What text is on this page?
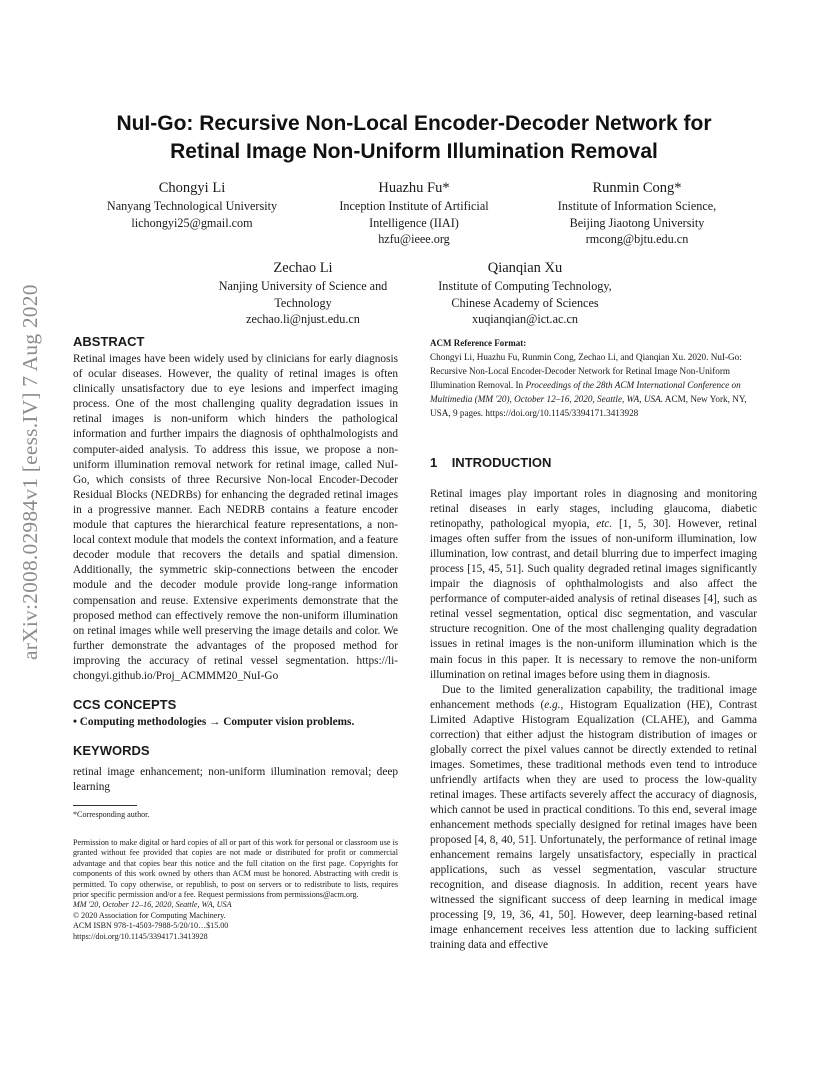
arXiv:2008.02984v1 [eess.IV] 7 Aug 2020
NuI-Go: Recursive Non-Local Encoder-Decoder Network for
Retinal Image Non-Uniform Illumination Removal
Chongyi Li
Nanyang Technological University
lichongyi25@gmail.com
Huazhu Fu*
Inception Institute of Artificial
Intelligence (IIAI)
hzfu@ieee.org
Runmin Cong*
Institute of Information Science,
Beijing Jiaotong University
rmcong@bjtu.edu.cn
Zechao Li
Nanjing University of Science and
Technology
zechao.li@njust.edu.cn
Qianqian Xu
Institute of Computing Technology,
Chinese Academy of Sciences
xuqianqian@ict.ac.cn
ABSTRACT

Retinal images have been widely used by clinicians for early diagnosis of ocular diseases. However, the quality of retinal images is often clinically unsatisfactory due to eye lesions and imperfect imaging process. One of the most challenging quality degradation issues in retinal images is non-uniform which hinders the pathological information and further impairs the diagnosis of ophthalmologists and computer-aided analysis. To address this issue, we propose a non-uniform illumination removal network for retinal image, called NuI-Go, which consists of three Recursive Non-local Encoder-Decoder Residual Blocks (NEDRBs) for enhancing the degraded retinal images in a progressive manner. Each NEDRB contains a feature encoder module that captures the hierarchical feature representations, a non-local context module that models the context information, and a feature decoder module that recovers the details and spatial dimension. Additionally, the symmetric skip-connections between the encoder module and the decoder module provide long-range information compensation and reuse. Extensive experiments demonstrate that the proposed method can effectively remove the non-uniform illumination on retinal images while well preserving the image details and color. We further demonstrate the advantages of the proposed method for improving the accuracy of retinal vessel segmentation. https://li-chongyi.github.io/Proj_ACMMM20_NuI-Go

CCS CONCEPTS
• Computing methodologies → Computer vision problems.
KEYWORDS
retinal image enhancement; non-uniform illumination removal; deep learning
*Corresponding author.
Permission to make digital or hard copies of all or part of this work for personal or classroom use is granted without fee provided that copies are not made or distributed for profit or commercial advantage and that copies bear this notice and the full citation on the first page. Copyrights for components of this work owned by others than ACM must be honored. Abstracting with credit is permitted. To copy otherwise, or republish, to post on servers or to redistribute to lists, requires prior specific permission and/or a fee. Request permissions from permissions@acm.org.
MM '20, October 12–16, 2020, Seattle, WA, USA
© 2020 Association for Computing Machinery.
ACM ISBN 978-1-4503-7988-5/20/10…$15.00
https://doi.org/10.1145/3394171.3413928
ACM Reference Format:
Chongyi Li, Huazhu Fu, Runmin Cong, Zechao Li, and Qianqian Xu. 2020. NuI-Go: Recursive Non-Local Encoder-Decoder Network for Retinal Image Non-Uniform Illumination Removal. In Proceedings of the 28th ACM International Conference on Multimedia (MM '20), October 12–16, 2020, Seattle, WA, USA. ACM, New York, NY, USA, 9 pages. https://doi.org/10.1145/3394171.3413928
1 INTRODUCTION

Retinal images play important roles in diagnosing and monitoring retinal diseases in early stages, including glaucoma, diabetic retinopathy, pathological myopia, etc. [1, 5, 30]. However, retinal images often suffer from the issues of non-uniform illumination, low illumination, low contrast, and detail blurring due to imperfect imaging process [15, 45, 51]. Such quality degraded retinal images significantly impair the diagnosis of ophthalmologists and also affect the performance of computer-aided analysis of retinal diseases [4], such as retinal vessel segmentation, optical disc segmentation, and vascular structure recognition. One of the most challenging quality degradation issues in retinal images is the non-uniform illumination which is the main focus in this paper. It is necessary to remove the non-uniform illumination on retinal images before using them in diagnosis.

Due to the limited generalization capability, the traditional image enhancement methods (e.g., Histogram Equalization (HE), Contrast Limited Adaptive Histogram Equalization (CLAHE), and Gamma correction) that either adjust the histogram distribution of images or globally correct the pixel values cannot be directly extended to retinal images. Sometimes, these traditional methods even tend to introduce unfriendly artifacts when they are used to process the low-quality retinal images. These artifacts severely affect the accuracy of diagnosis, which cannot be used in practical conditions. To this end, several image enhancement methods specially designed for retinal images have been proposed [4, 8, 40, 51]. Unfortunately, the performance of retinal image enhancement remains largely unsatisfactory, especially in practical applications, such as vessel segmentation, vascular structure recognition, and disease diagnosis. In addition, recent years have witnessed the significant success of deep learning in medical image processing [9, 19, 36, 41, 50]. However, deep learning-based retinal image enhancement receives less attention due to lacking sufficient training data and effective
